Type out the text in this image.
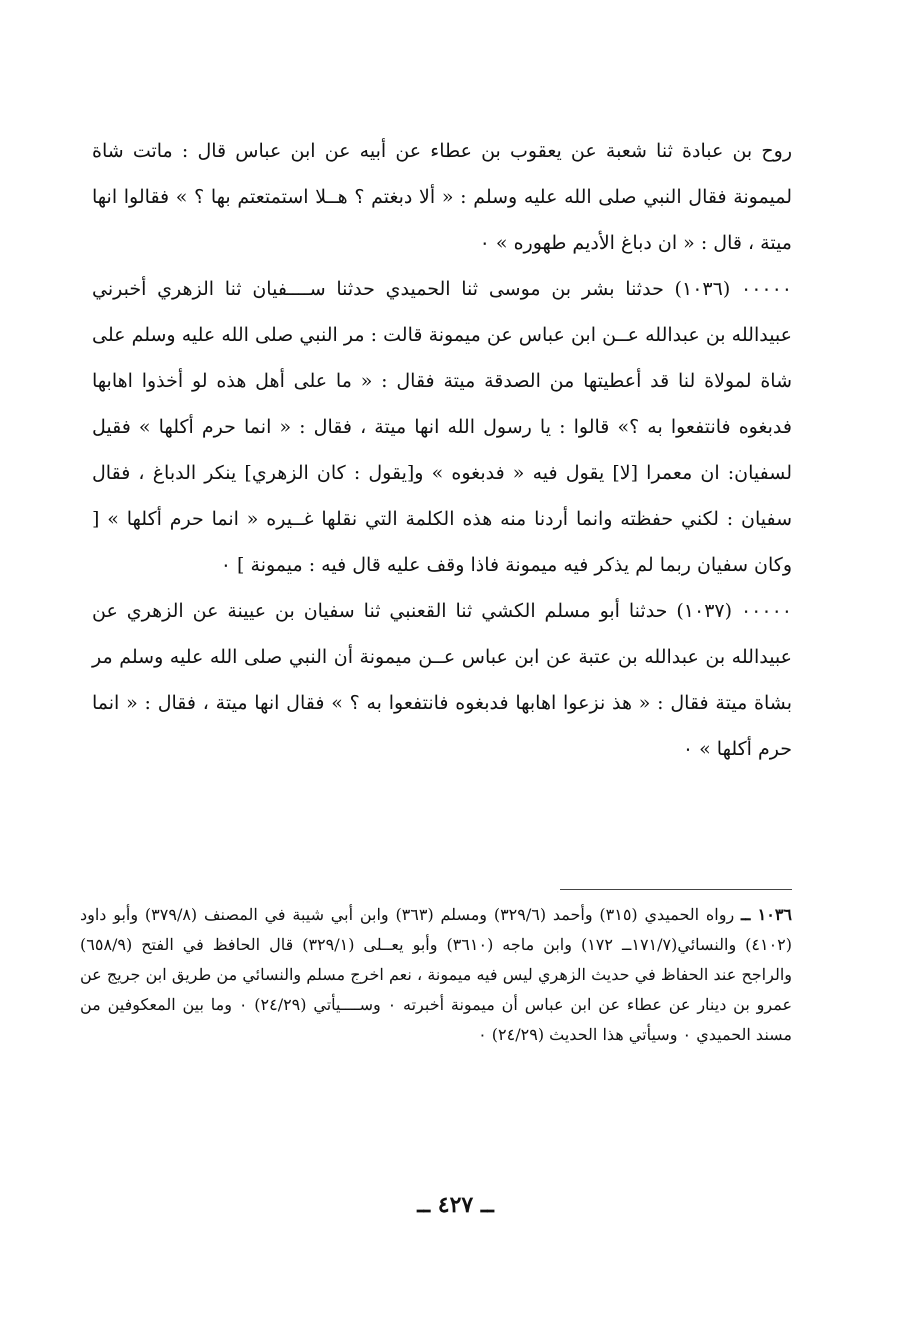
روح بن عبادة ثنا شعبة عن يعقوب بن عطاء عن أبيه عن ابن عباس قال : ماتت شاة لميمونة فقال النبي صلى الله عليه وسلم : « ألا دبغتم ؟ هــلا استمتعتم بها ؟ » فقالوا انها ميتة ، قال : « ان دباغ الأديم طهوره » ٠

٠٠٠٠٠ (١٠٣٦) حدثنا بشر بن موسى ثنا الحميدي حدثنا ســــفيان ثنا الزهري أخبرني عبيدالله بن عبدالله عــن ابن عباس عن ميمونة قالت : مر النبي صلى الله عليه وسلم على شاة لمولاة لنا قد أعطيتها من الصدقة ميتة فقال : « ما على أهل هذه لو أخذوا اهابها فدبغوه فانتفعوا به ؟» قالوا : يا رسول الله انها ميتة ، فقال : « انما حرم أكلها » فقيل لسفيان: ان معمرا [لا] يقول فيه « فدبغوه » و[يقول : كان الزهري] ينكر الدباغ ، فقال سفيان : لكني حفظته وانما أردنا منه هذه الكلمة التي نقلها غــيره « انما حرم أكلها » [ وكان سفيان ربما لم يذكر فيه ميمونة فاذا وقف عليه قال فيه : ميمونة ] ٠

٠٠٠٠٠ (١٠٣٧) حدثنا أبو مسلم الكشي ثنا القعنبي ثنا سفيان بن عيينة عن الزهري عن عبيدالله بن عبدالله بن عتبة عن ابن عباس عــن ميمونة أن النبي صلى الله عليه وسلم مر بشاة ميتة فقال : « هذ نزعوا اهابها فدبغوه فانتفعوا به ؟ » فقال انها ميتة ، فقال : « انما حرم أكلها » ٠

١٠٣٦ ــ رواه الحميدي (٣١٥) وأحمد (٣٢٩/٦) ومسلم (٣٦٣) وابن أبي شيبة في المصنف (٣٧٩/٨) وأبو داود (٤١٠٢) والنسائي(١٧١/٧ــ ١٧٢) وابن ماجه (٣٦١٠) وأبو يعــلى (٣٢٩/١) قال الحافظ في الفتح (٦٥٨/٩) والراجح عند الحفاظ في حديث الزهري ليس فيه ميمونة ، نعم اخرج مسلم والنسائي من طريق ابن جريج عن عمرو بن دينار عن عطاء عن ابن عباس أن ميمونة أخبرته ٠ وســــيأتي (٢٤/٢٩) ٠ وما بين المعكوفين من مسند الحميدي ٠ وسيأتي هذا الحديث (٢٤/٢٩) ٠

ــ ٤٢٧ ــ
